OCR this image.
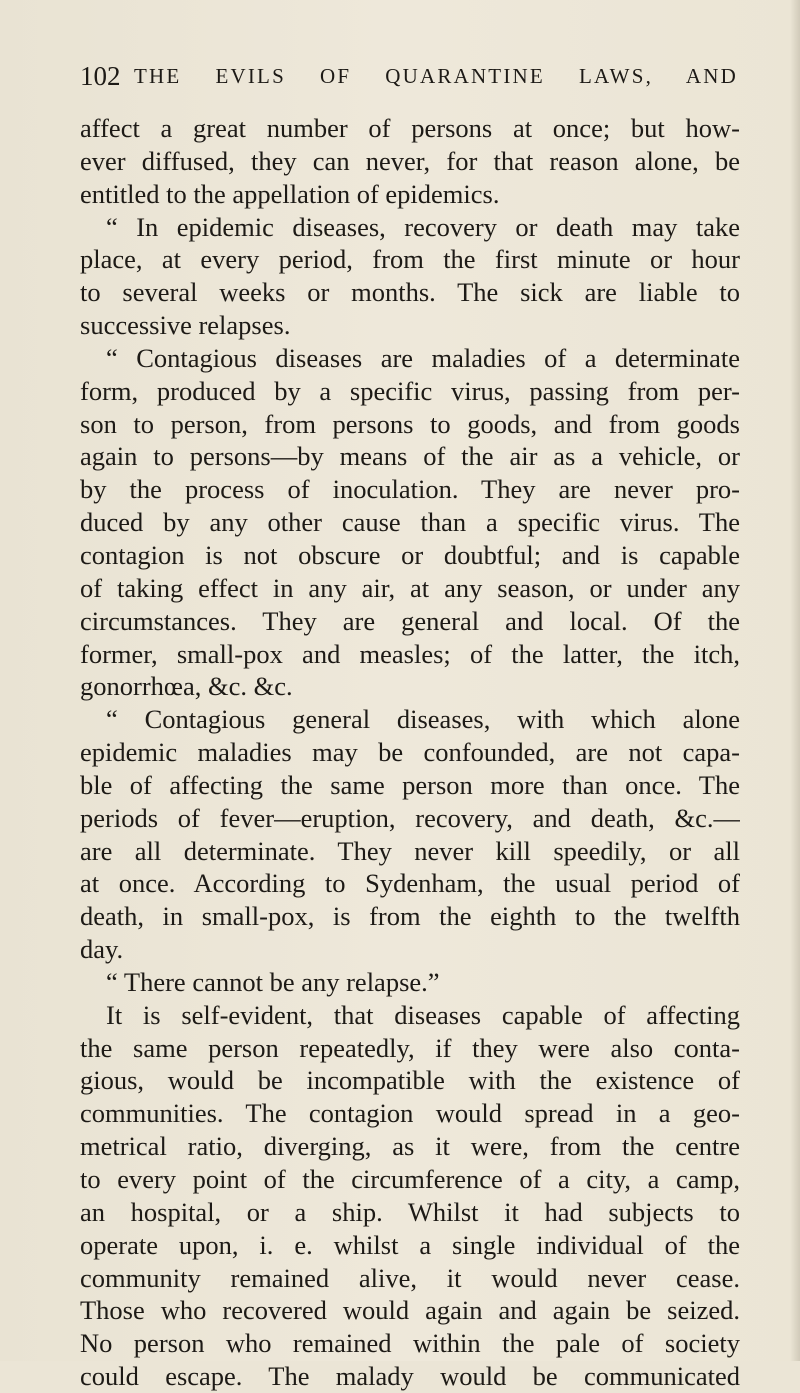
102 THE EVILS OF QUARANTINE LAWS, AND
affect a great number of persons at once; but how-
ever diffused, they can never, for that reason alone, be
entitled to the appellation of epidemics.
“ In epidemic diseases, recovery or death may take
place, at every period, from the first minute or hour
to several weeks or months. The sick are liable to
successive relapses.
“ Contagious diseases are maladies of a determinate
form, produced by a specific virus, passing from per-
son to person, from persons to goods, and from goods
again to persons—by means of the air as a vehicle, or
by the process of inoculation. They are never pro-
duced by any other cause than a specific virus. The
contagion is not obscure or doubtful; and is capable
of taking effect in any air, at any season, or under any
circumstances. They are general and local. Of the
former, small-pox and measles; of the latter, the itch,
gonorrhœa, &c. &c.
“ Contagious general diseases, with which alone
epidemic maladies may be confounded, are not capa-
ble of affecting the same person more than once. The
periods of fever—eruption, recovery, and death, &c.—
are all determinate. They never kill speedily, or all
at once. According to Sydenham, the usual period of
death, in small-pox, is from the eighth to the twelfth
day.
“ There cannot be any relapse.”
It is self-evident, that diseases capable of affecting
the same person repeatedly, if they were also conta-
gious, would be incompatible with the existence of
communities. The contagion would spread in a geo-
metrical ratio, diverging, as it were, from the centre
to every point of the circumference of a city, a camp,
an hospital, or a ship. Whilst it had subjects to
operate upon, i. e. whilst a single individual of the
community remained alive, it would never cease.
Those who recovered would again and again be seized.
No person who remained within the pale of society
could escape. The malady would be communicated
